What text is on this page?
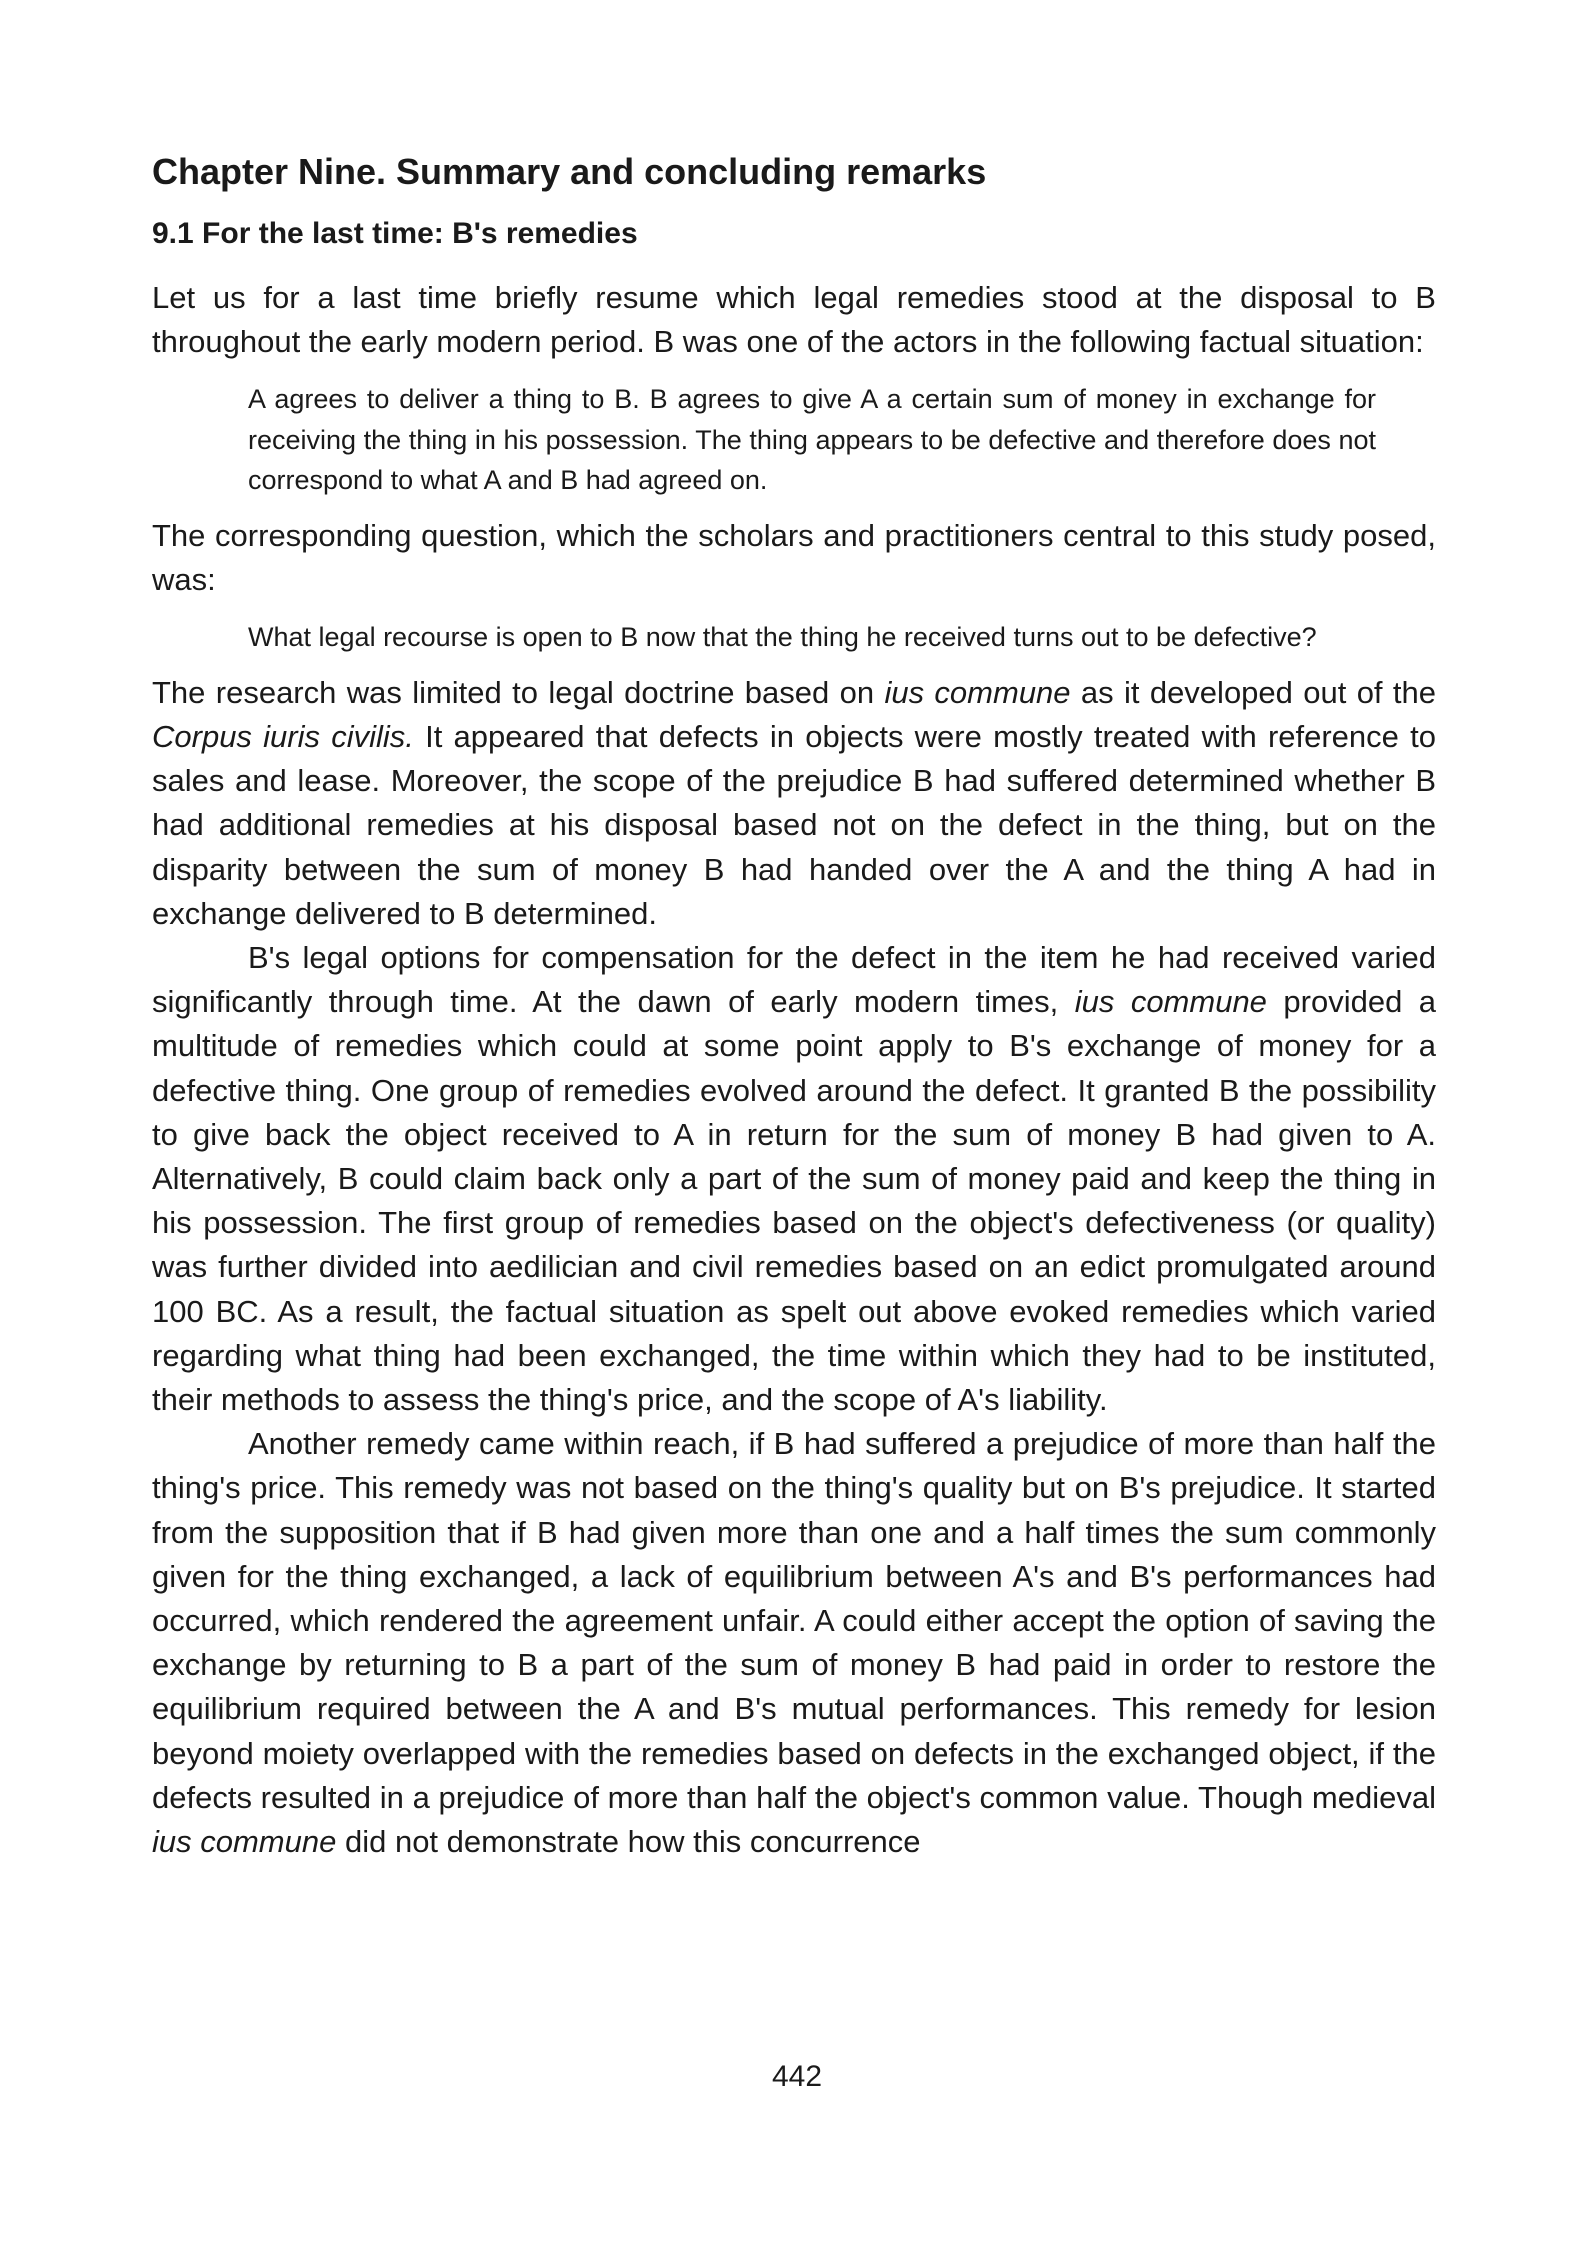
Chapter Nine. Summary and concluding remarks
9.1 For the last time: B's remedies

Let us for a last time briefly resume which legal remedies stood at the disposal to B throughout the early modern period. B was one of the actors in the following factual situation:

A agrees to deliver a thing to B. B agrees to give A a certain sum of money in exchange for receiving the thing in his possession. The thing appears to be defective and therefore does not correspond to what A and B had agreed on.

The corresponding question, which the scholars and practitioners central to this study posed, was:

What legal recourse is open to B now that the thing he received turns out to be defective?

The research was limited to legal doctrine based on ius commune as it developed out of the Corpus iuris civilis. It appeared that defects in objects were mostly treated with reference to sales and lease. Moreover, the scope of the prejudice B had suffered determined whether B had additional remedies at his disposal based not on the defect in the thing, but on the disparity between the sum of money B had handed over the A and the thing A had in exchange delivered to B determined.

B's legal options for compensation for the defect in the item he had received varied significantly through time. At the dawn of early modern times, ius commune provided a multitude of remedies which could at some point apply to B's exchange of money for a defective thing. One group of remedies evolved around the defect. It granted B the possibility to give back the object received to A in return for the sum of money B had given to A. Alternatively, B could claim back only a part of the sum of money paid and keep the thing in his possession. The first group of remedies based on the object's defectiveness (or quality) was further divided into aedilician and civil remedies based on an edict promulgated around 100 BC. As a result, the factual situation as spelt out above evoked remedies which varied regarding what thing had been exchanged, the time within which they had to be instituted, their methods to assess the thing's price, and the scope of A's liability.

Another remedy came within reach, if B had suffered a prejudice of more than half the thing's price. This remedy was not based on the thing's quality but on B's prejudice. It started from the supposition that if B had given more than one and a half times the sum commonly given for the thing exchanged, a lack of equilibrium between A's and B's performances had occurred, which rendered the agreement unfair. A could either accept the option of saving the exchange by returning to B a part of the sum of money B had paid in order to restore the equilibrium required between the A and B's mutual performances. This remedy for lesion beyond moiety overlapped with the remedies based on defects in the exchanged object, if the defects resulted in a prejudice of more than half the object's common value. Though medieval ius commune did not demonstrate how this concurrence

442
